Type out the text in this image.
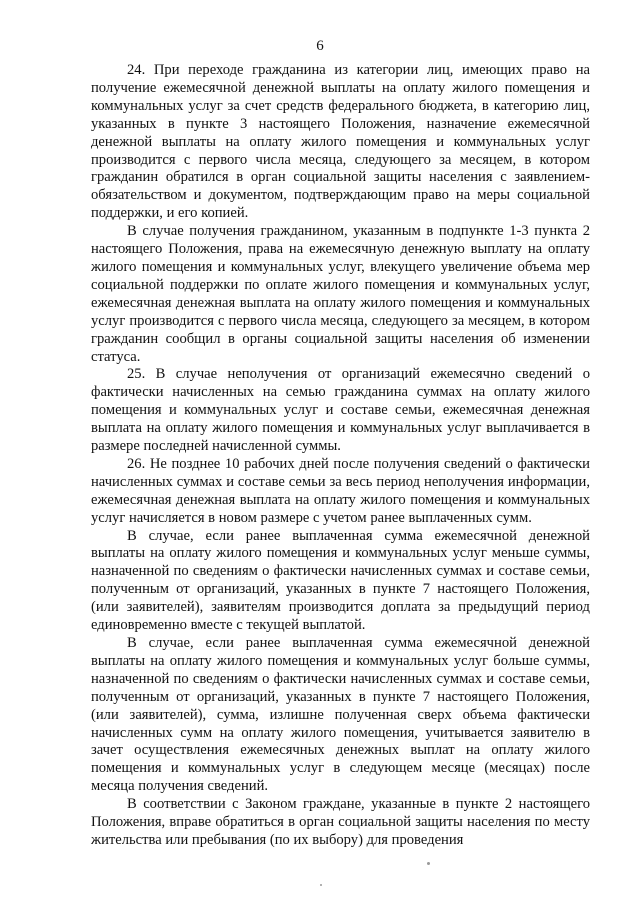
6

24. При переходе гражданина из категории лиц, имеющих право на получение ежемесячной денежной выплаты на оплату жилого помещения и коммунальных услуг за счет средств федерального бюджета, в категорию лиц, указанных в пункте 3 настоящего Положения, назначение ежемесячной денежной выплаты на оплату жилого помещения и коммунальных услуг производится с первого числа месяца, следующего за месяцем, в котором гражданин обратился в орган социальной защиты населения с заявлением-обязательством и документом, подтверждающим право на меры социальной поддержки, и его копией.

В случае получения гражданином, указанным в подпункте 1-3 пункта 2 настоящего Положения, права на ежемесячную денежную выплату на оплату жилого помещения и коммунальных услуг, влекущего увеличение объема мер социальной поддержки по оплате жилого помещения и коммунальных услуг, ежемесячная денежная выплата на оплату жилого помещения и коммунальных услуг производится с первого числа месяца, следующего за месяцем, в котором гражданин сообщил в органы социальной защиты населения об изменении статуса.

25. В случае неполучения от организаций ежемесячно сведений о фактически начисленных на семью гражданина суммах на оплату жилого помещения и коммунальных услуг и составе семьи, ежемесячная денежная выплата на оплату жилого помещения и коммунальных услуг выплачивается в размере последней начисленной суммы.

26. Не позднее 10 рабочих дней после получения сведений о фактически начисленных суммах и составе семьи за весь период неполучения информации, ежемесячная денежная выплата на оплату жилого помещения и коммунальных услуг начисляется в новом размере с учетом ранее выплаченных сумм.

В случае, если ранее выплаченная сумма ежемесячной денежной выплаты на оплату жилого помещения и коммунальных услуг меньше суммы, назначенной по сведениям о фактически начисленных суммах и составе семьи, полученным от организаций, указанных в пункте 7 настоящего Положения, (или заявителей), заявителям производится доплата за предыдущий период единовременно вместе с текущей выплатой.

В случае, если ранее выплаченная сумма ежемесячной денежной выплаты на оплату жилого помещения и коммунальных услуг больше суммы, назначенной по сведениям о фактически начисленных суммах и составе семьи, полученным от организаций, указанных в пункте 7 настоящего Положения, (или заявителей), сумма, излишне полученная сверх объема фактически начисленных сумм на оплату жилого помещения, учитывается заявителю в зачет осуществления ежемесячных денежных выплат на оплату жилого помещения и коммунальных услуг в следующем месяце (месяцах) после месяца получения сведений.

В соответствии с Законом граждане, указанные в пункте 2 настоящего Положения, вправе обратиться в орган социальной защиты населения по месту жительства или пребывания (по их выбору) для проведения
